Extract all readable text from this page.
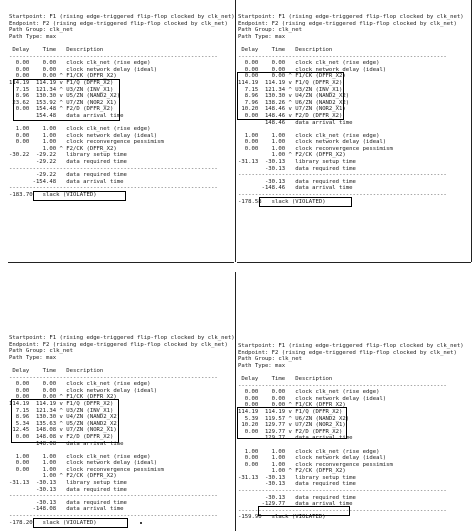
Startpoint: F1 (rising edge-triggered flip-flop clocked by clk_net)
Endpoint: F2 (rising edge-triggered flip-flop clocked by clk_net)
Path Group: clk_net
Path Type: max
Delay    Time   Description
--------------------------------------------------------------
0.00    0.00   clock clk_net (rise edge)
0.00    0.00   clock network delay (ideal)
0.00    0.00 ^ F1/CK (DFFR_X2)
114.19  114.19 v F1/Q (DFFR_X2)
7.15  121.34 ^ U3/ZN (INV_X1)
8.96  130.30 v U5/ZN (NAND2_X2)
23.62  153.92 ^ U7/ZN (NOR2_X1)
0.00  154.48 ^ F2/D (DFFR_X2)
154.48   data arrival time
1.00    1.00   clock clk_net (rise edge)
0.00    1.00   clock network delay (ideal)
0.00    1.00   clock reconvergence pessimism
1.00 ^ F2/CK (DFFR_X2)
-30.22  -29.22   library setup time
-29.22   data required time
--------------------------------------------------------------
-29.22   data required time
-154.48   data arrival time
--------------------------------------------------------------
-183.70   slack (VIOLATED)
Startpoint: F1 (rising edge-triggered flip-flop clocked by clk_net)
Endpoint: F2 (rising edge-triggered flip-flop clocked by clk_net)
Path Group: clk_net
Path Type: max
Delay    Time   Description
--------------------------------------------------------------
0.00    0.00   clock clk_net (rise edge)
0.00    0.00   clock network delay (ideal)
0.00    0.00 ^ F1/CK (DFFR_X2)
114.19  114.19 v F1/Q (DFFR_X2)
7.15  121.34 ^ U3/ZN (INV_X1)
8.96  130.30 v U4/ZN (NAND2_X2)
7.96  138.26 ^ U6/ZN (NAND2_X2)
10.20  148.46 v U7/ZN (NOR2_X1)
0.00  148.46 v F2/D (DFFR_X2)
148.46   data arrival time
1.00    1.00   clock clk_net (rise edge)
0.00    1.00   clock network delay (ideal)
0.00    1.00   clock reconvergence pessimism
1.00 ^ F2/CK (DFFR_X2)
-31.13  -30.13   library setup time
-30.13   data required time
--------------------------------------------------------------
-30.13   data required time
-148.46   data arrival time
--------------------------------------------------------------
-178.58   slack (VIOLATED)
Startpoint: F1 (rising edge-triggered flip-flop clocked by clk_net)
Endpoint: F2 (rising edge-triggered flip-flop clocked by clk_net)
Path Group: clk_net
Path Type: max
Delay    Time   Description
--------------------------------------------------------------
0.00    0.00   clock clk_net (rise edge)
0.00    0.00   clock network delay (ideal)
0.00    0.00 ^ F1/CK (DFFR_X2)
114.19  114.19 v F1/Q (DFFR_X2)
7.15  121.34 ^ U3/ZN (INV_X1)
8.96  130.30 v U4/ZN (NAND2_X2)
5.34  135.63 ^ U5/ZN (NAND2_X2)
12.45  148.08 v U7/ZN (NOR2_X1)
0.00  148.08 v F2/D (DFFR_X2)
148.08   data arrival time
1.00    1.00   clock clk_net (rise edge)
0.00    1.00   clock network delay (ideal)
0.00    1.00   clock reconvergence pessimism
1.00 ^ F2/CK (DFFR_X2)
-31.13  -30.13   library setup time
-30.13   data required time
--------------------------------------------------------------
-30.13   data required time
-148.08   data arrival time
--------------------------------------------------------------
-178.20   slack (VIOLATED)
Startpoint: F1 (rising edge-triggered flip-flop clocked by clk_net)
Endpoint: F2 (rising edge-triggered flip-flop clocked by clk_net)
Path Group: clk_net
Path Type: max
Delay    Time   Description
--------------------------------------------------------------
0.00    0.00   clock clk_net (rise edge)
0.00    0.00   clock network delay (ideal)
0.00    0.00 ^ F1/CK (DFFR_X2)
114.19  114.19 v F1/Q (DFFR_X2)
5.39  119.57 ^ U6/ZN (NAND2_X2)
10.20  129.77 v U7/ZN (NOR2_X1)
0.00  129.77 v F2/D (DFFR_X2)
129.77   data arrival time
1.00    1.00   clock clk_net (rise edge)
0.00    1.00   clock network delay (ideal)
0.00    1.00   clock reconvergence pessimism
1.00 ^ F2/CK (DFFR_X2)
-31.13  -30.13   library setup time
-30.13   data required time
--------------------------------------------------------------
-30.13   data required time
-129.77   data arrival time
--------------------------------------------------------------
-159.90   slack (VIOLATED)
